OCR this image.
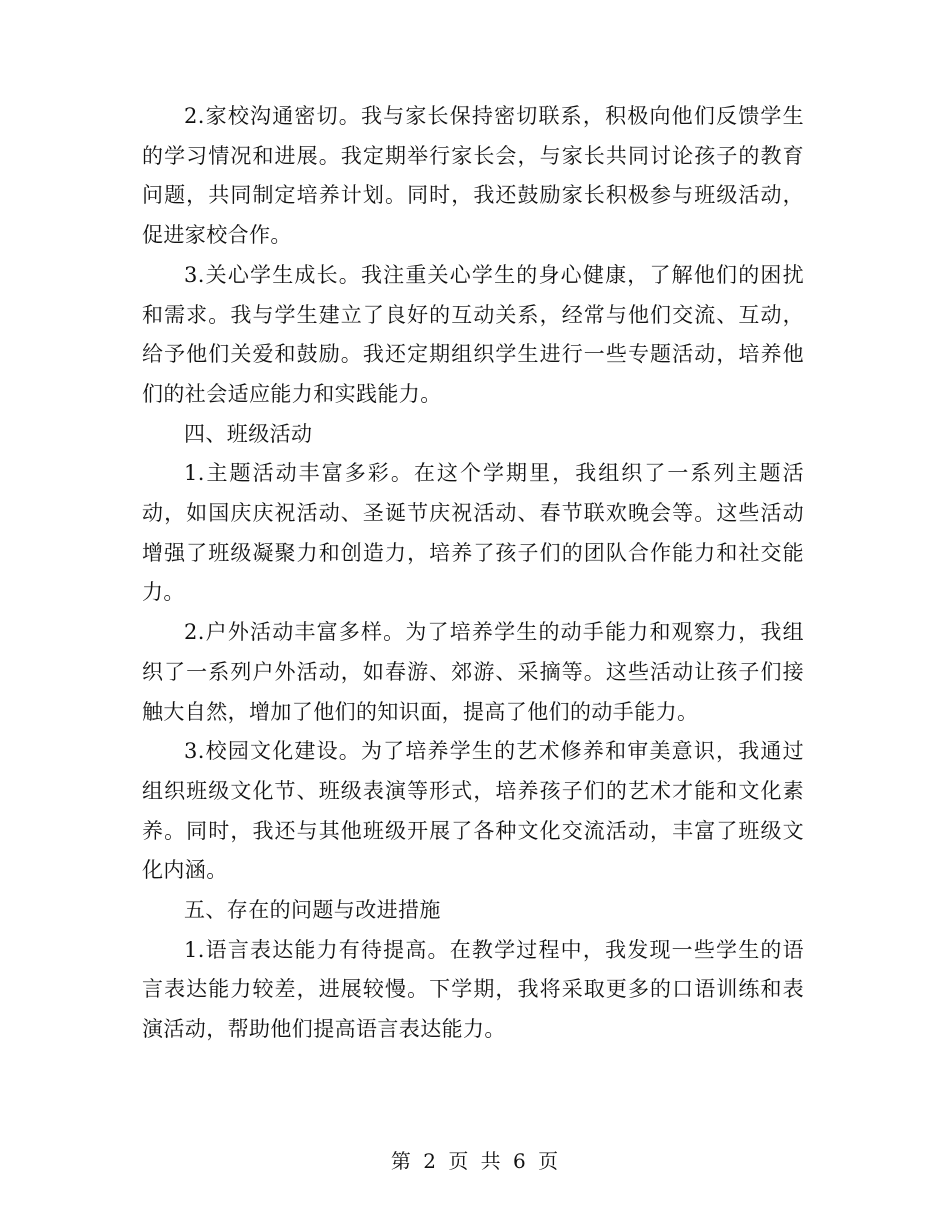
2.家校沟通密切。我与家长保持密切联系，积极向他们反馈学生的学习情况和进展。我定期举行家长会，与家长共同讨论孩子的教育问题，共同制定培养计划。同时，我还鼓励家长积极参与班级活动，促进家校合作。

3.关心学生成长。我注重关心学生的身心健康，了解他们的困扰和需求。我与学生建立了良好的互动关系，经常与他们交流、互动，给予他们关爱和鼓励。我还定期组织学生进行一些专题活动，培养他们的社会适应能力和实践能力。

四、班级活动

1.主题活动丰富多彩。在这个学期里，我组织了一系列主题活动，如国庆庆祝活动、圣诞节庆祝活动、春节联欢晚会等。这些活动增强了班级凝聚力和创造力，培养了孩子们的团队合作能力和社交能力。

2.户外活动丰富多样。为了培养学生的动手能力和观察力，我组织了一系列户外活动，如春游、郊游、采摘等。这些活动让孩子们接触大自然，增加了他们的知识面，提高了他们的动手能力。

3.校园文化建设。为了培养学生的艺术修养和审美意识，我通过组织班级文化节、班级表演等形式，培养孩子们的艺术才能和文化素养。同时，我还与其他班级开展了各种文化交流活动，丰富了班级文化内涵。

五、存在的问题与改进措施

1.语言表达能力有待提高。在教学过程中，我发现一些学生的语言表达能力较差，进展较慢。下学期，我将采取更多的口语训练和表演活动，帮助他们提高语言表达能力。

第 2 页 共 6 页
